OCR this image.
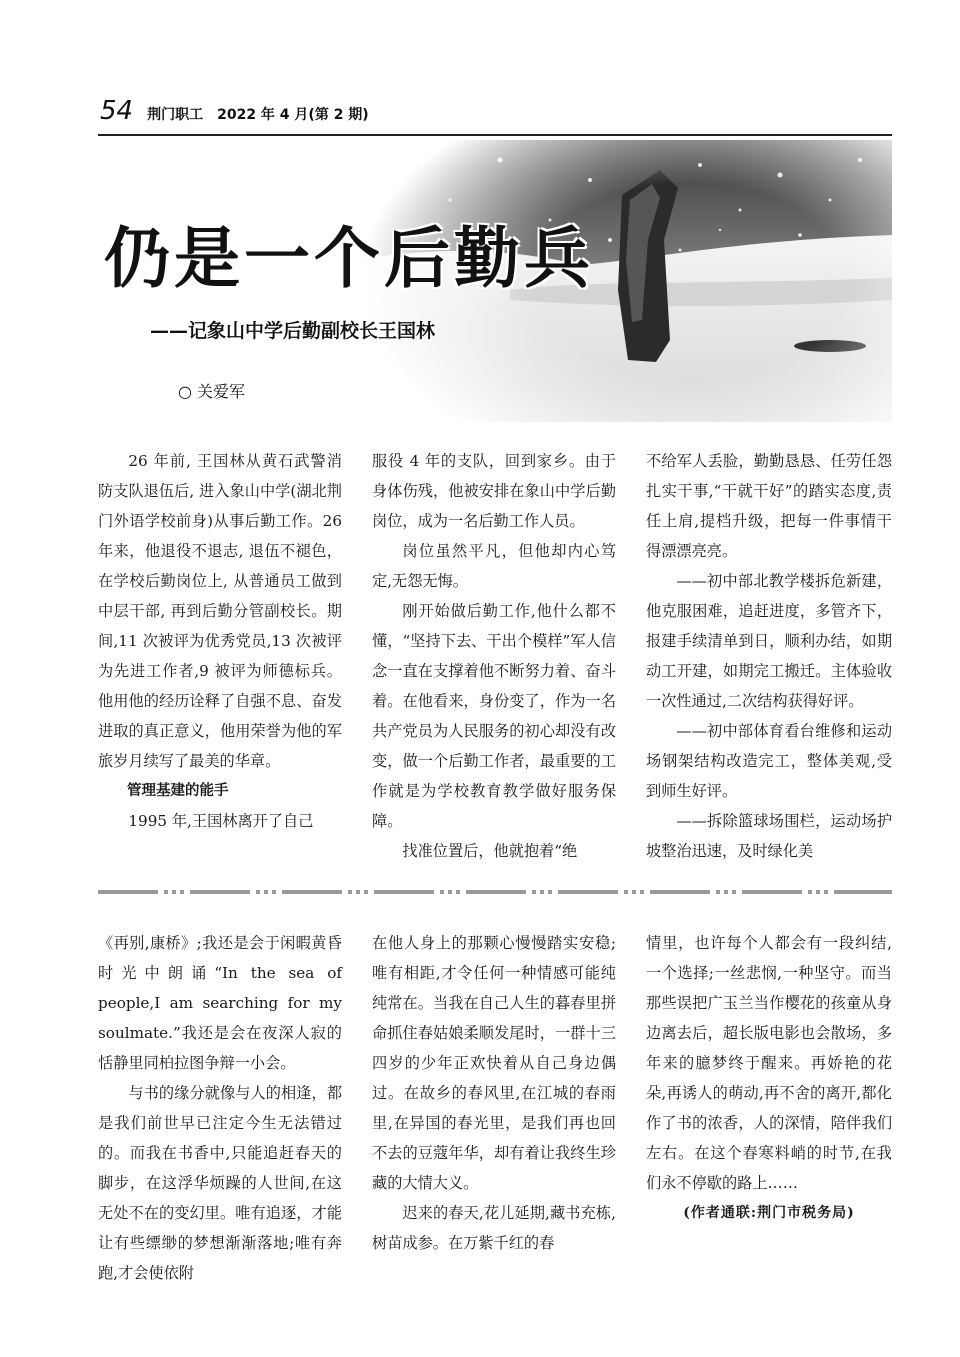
54 荆门职工 2022 年 4 月(第 2 期)
仍是一个后勤兵
——记象山中学后勤副校长王国林
○ 关爱军

26 年前, 王国林从黄石武警消防支队退伍后, 进入象山中学(湖北荆门外语学校前身)从事后勤工作。26 年来，他退役不退志, 退伍不褪色，在学校后勤岗位上, 从普通员工做到中层干部, 再到后勤分管副校长。期间,11 次被评为优秀党员,13 次被评为先进工作者,9 被评为师德标兵。他用他的经历诠释了自强不息、奋发进取的真正意义，他用荣誉为他的军旅岁月续写了最美的华章。

管理基建的能手

1995 年,王国林离开了自己

服役 4 年的支队，回到家乡。由于身体伤残，他被安排在象山中学后勤岗位，成为一名后勤工作人员。

岗位虽然平凡，但他却内心笃定,无怨无悔。

刚开始做后勤工作,他什么都不懂，“坚持下去、干出个模样”军人信念一直在支撑着他不断努力着、奋斗着。在他看来，身份变了，作为一名共产党员为人民服务的初心却没有改变，做一个后勤工作者，最重要的工作就是为学校教育教学做好服务保障。

找准位置后，他就抱着“绝

不给军人丢脸，勤勤恳恳、任劳任怨扎实干事,“干就干好”的踏实态度,责任上肩,提档升级，把每一件事情干得漂漂亮亮。

——初中部北教学楼拆危新建，他克服困难，追赶进度，多管齐下，报建手续清单到日，顺利办结，如期动工开建，如期完工搬迁。主体验收一次性通过,二次结构获得好评。

——初中部体育看台维修和运动场钢架结构改造完工，整体美观,受到师生好评。

——拆除篮球场围栏，运动场护坡整治迅速，及时绿化美

《再别,康桥》;我还是会于闲暇黄昏时光中朗诵“In the sea of people,I am searching for my soulmate.”我还是会在夜深人寂的恬静里同柏拉图争辩一小会。

与书的缘分就像与人的相逢，都是我们前世早已注定今生无法错过的。而我在书香中,只能追赶春天的脚步，在这浮华烦躁的人世间,在这无处不在的变幻里。唯有追逐，才能让有些缥缈的梦想渐渐落地;唯有奔跑,才会使依附

在他人身上的那颗心慢慢踏实安稳;唯有相距,才令任何一种情感可能纯纯常在。当我在自己人生的暮春里拼命抓住春姑娘柔顺发尾时，一群十三四岁的少年正欢快着从自己身边偶过。在故乡的春风里,在江城的春雨里,在异国的春光里，是我们再也回不去的豆蔻年华，却有着让我终生珍藏的大情大义。

迟来的春天,花儿延期,藏书充栋,树苗成参。在万紫千红的春

情里，也许每个人都会有一段纠结,一个选择;一丝悲悯,一种坚守。而当那些误把广玉兰当作樱花的孩童从身边离去后，超长版电影也会散场，多年来的臆梦终于醒来。再娇艳的花朵,再诱人的萌动,再不舍的离开,都化作了书的浓香，人的深情，陪伴我们左右。在这个春寒料峭的时节,在我们永不停歇的路上……

(作者通联:荆门市税务局)
